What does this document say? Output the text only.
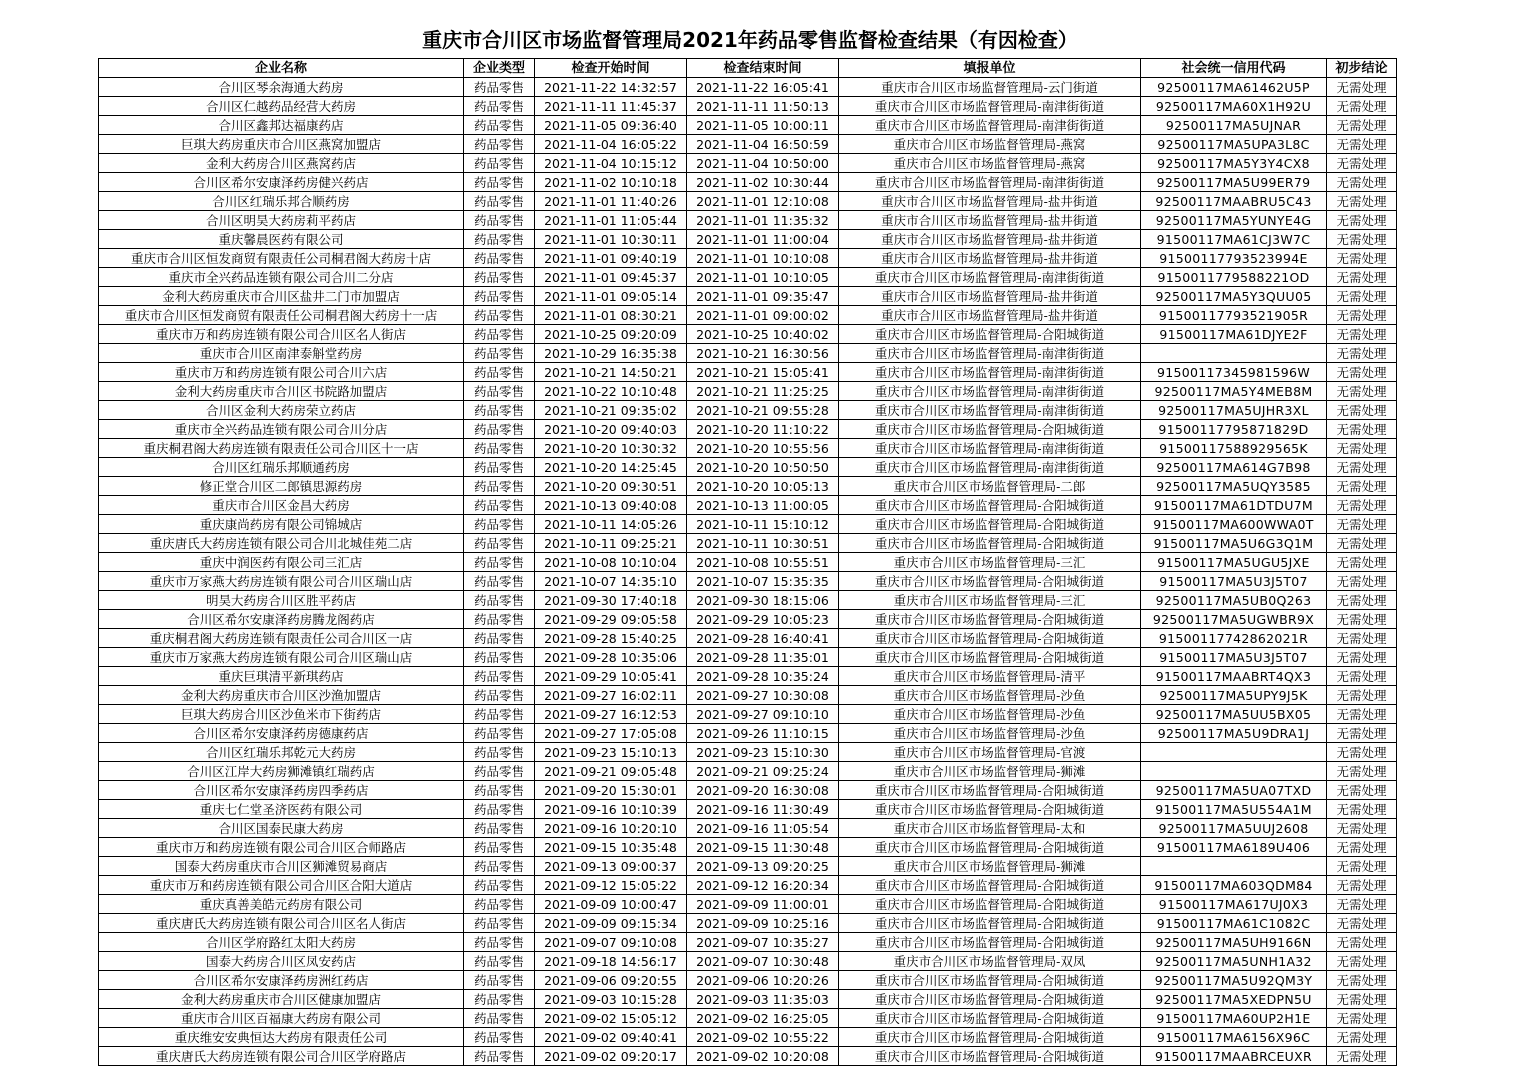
重庆市合川区市场监督管理局2021年药品零售监督检查结果（有因检查）
企业名称	企业类型	检查开始时间	检查结束时间	填报单位	社会统一信用代码	初步结论
合川区琴余海通大药房	药品零售	2021-11-22 14:32:57	2021-11-22 16:05:41	重庆市合川区市场监督管理局-云门街道	92500117MA61462U5P	无需处理
合川区仁越药品经营大药房	药品零售	2021-11-11 11:45:37	2021-11-11 11:50:13	重庆市合川区市场监督管理局-南津街街道	92500117MA60X1H92U	无需处理
合川区鑫邦达福康药店	药品零售	2021-11-05 09:36:40	2021-11-05 10:00:11	重庆市合川区市场监督管理局-南津街街道	92500117MA5UJNAR	无需处理
巨琪大药房重庆市合川区燕窝加盟店	药品零售	2021-11-04 16:05:22	2021-11-04 16:50:59	重庆市合川区市场监督管理局-燕窝	92500117MA5UPA3L8C	无需处理
金利大药房合川区燕窝药店	药品零售	2021-11-04 10:15:12	2021-11-04 10:50:00	重庆市合川区市场监督管理局-燕窝	92500117MA5Y3Y4CX8	无需处理
合川区希尔安康泽药房健兴药店	药品零售	2021-11-02 10:10:18	2021-11-02 10:30:44	重庆市合川区市场监督管理局-南津街街道	92500117MA5U99ER79	无需处理
合川区红瑞乐邦合顺药房	药品零售	2021-11-01 11:40:26	2021-11-01 12:10:08	重庆市合川区市场监督管理局-盐井街道	92500117MAABRU5C43	无需处理
合川区明昊大药房莉平药店	药品零售	2021-11-01 11:05:44	2021-11-01 11:35:32	重庆市合川区市场监督管理局-盐井街道	92500117MA5YUNYE4G	无需处理
重庆馨晨医药有限公司	药品零售	2021-11-01 10:30:11	2021-11-01 11:00:04	重庆市合川区市场监督管理局-盐井街道	91500117MA61CJ3W7C	无需处理
重庆市合川区恒发商贸有限责任公司桐君阁大药房十店	药品零售	2021-11-01 09:40:19	2021-11-01 10:10:08	重庆市合川区市场监督管理局-盐井街道	91500117793523994E	无需处理
重庆市全兴药品连锁有限公司合川二分店	药品零售	2021-11-01 09:45:37	2021-11-01 10:10:05	重庆市合川区市场监督管理局-南津街街道	9150011779588221OD	无需处理
金利大药房重庆市合川区盐井二门市加盟店	药品零售	2021-11-01 09:05:14	2021-11-01 09:35:47	重庆市合川区市场监督管理局-盐井街道	92500117MA5Y3QUU05	无需处理
重庆市合川区恒发商贸有限责任公司桐君阁大药房十一店	药品零售	2021-11-01 08:30:21	2021-11-01 09:00:02	重庆市合川区市场监督管理局-盐井街道	91500117793521905R	无需处理
重庆市万和药房连锁有限公司合川区名人街店	药品零售	2021-10-25 09:20:09	2021-10-25 10:40:02	重庆市合川区市场监督管理局-合阳城街道	91500117MA61DJYE2F	无需处理
重庆市合川区南津泰斛堂药房	药品零售	2021-10-29 16:35:38	2021-10-21 16:30:56	重庆市合川区市场监督管理局-南津街街道		无需处理
重庆市万和药房连锁有限公司合川六店	药品零售	2021-10-21 14:50:21	2021-10-21 15:05:41	重庆市合川区市场监督管理局-南津街街道	91500117345981596W	无需处理
金利大药房重庆市合川区书院路加盟店	药品零售	2021-10-22 10:10:48	2021-10-21 11:25:25	重庆市合川区市场监督管理局-南津街街道	92500117MA5Y4MEB8M	无需处理
合川区金利大药房荣立药店	药品零售	2021-10-21 09:35:02	2021-10-21 09:55:28	重庆市合川区市场监督管理局-南津街街道	92500117MA5UJHR3XL	无需处理
重庆市全兴药品连锁有限公司合川分店	药品零售	2021-10-20 09:40:03	2021-10-20 11:10:22	重庆市合川区市场监督管理局-合阳城街道	91500117795871829D	无需处理
重庆桐君阁大药房连锁有限责任公司合川区十一店	药品零售	2021-10-20 10:30:32	2021-10-20 10:55:56	重庆市合川区市场监督管理局-南津街街道	91500117588929565K	无需处理
合川区红瑞乐邦顺通药房	药品零售	2021-10-20 14:25:45	2021-10-20 10:50:50	重庆市合川区市场监督管理局-南津街街道	92500117MA614G7B98	无需处理
修正堂合川区二郎镇思源药房	药品零售	2021-10-20 09:30:51	2021-10-20 10:05:13	重庆市合川区市场监督管理局-二郎	92500117MA5UQY3585	无需处理
重庆市合川区金昌大药房	药品零售	2021-10-13 09:40:08	2021-10-13 11:00:05	重庆市合川区市场监督管理局-合阳城街道	91500117MA61DTDU7M	无需处理
重庆康尚药房有限公司锦城店	药品零售	2021-10-11 14:05:26	2021-10-11 15:10:12	重庆市合川区市场监督管理局-合阳城街道	91500117MA600WWA0T	无需处理
重庆唐氏大药房连锁有限公司合川北城佳苑二店	药品零售	2021-10-11 09:25:21	2021-10-11 10:30:51	重庆市合川区市场监督管理局-合阳城街道	91500117MA5U6G3Q1M	无需处理
重庆中润医药有限公司三汇店	药品零售	2021-10-08 10:10:04	2021-10-08 10:55:51	重庆市合川区市场监督管理局-三汇	91500117MA5UGU5JXE	无需处理
重庆市万家燕大药房连锁有限公司合川区瑞山店	药品零售	2021-10-07 14:35:10	2021-10-07 15:35:35	重庆市合川区市场监督管理局-合阳城街道	91500117MA5U3J5T07	无需处理
明昊大药房合川区胜平药店	药品零售	2021-09-30 17:40:18	2021-09-30 18:15:06	重庆市合川区市场监督管理局-三汇	92500117MA5UB0Q263	无需处理
合川区希尔安康泽药房腾龙阁药店	药品零售	2021-09-29 09:05:58	2021-09-29 10:05:23	重庆市合川区市场监督管理局-合阳城街道	92500117MA5UGWBR9X	无需处理
重庆桐君阁大药房连锁有限责任公司合川区一店	药品零售	2021-09-28 15:40:25	2021-09-28 16:40:41	重庆市合川区市场监督管理局-合阳城街道	91500117742862021R	无需处理
重庆市万家燕大药房连锁有限公司合川区瑞山店	药品零售	2021-09-28 10:35:06	2021-09-28 11:35:01	重庆市合川区市场监督管理局-合阳城街道	91500117MA5U3J5T07	无需处理
重庆巨琪清平新琪药店	药品零售	2021-09-29 10:05:41	2021-09-28 10:35:24	重庆市合川区市场监督管理局-清平	91500117MAABRT4QX3	无需处理
金利大药房重庆市合川区沙渔加盟店	药品零售	2021-09-27 16:02:11	2021-09-27 10:30:08	重庆市合川区市场监督管理局-沙鱼	92500117MA5UPY9J5K	无需处理
巨琪大药房合川区沙鱼米市下街药店	药品零售	2021-09-27 16:12:53	2021-09-27 09:10:10	重庆市合川区市场监督管理局-沙鱼	92500117MA5UU5BX05	无需处理
合川区希尔安康泽药房德康药店	药品零售	2021-09-27 17:05:08	2021-09-26 11:10:15	重庆市合川区市场监督管理局-沙鱼	92500117MA5U9DRA1J	无需处理
合川区红瑞乐邦乾元大药房	药品零售	2021-09-23 15:10:13	2021-09-23 15:10:30	重庆市合川区市场监督管理局-官渡		无需处理
合川区江岸大药房狮滩镇红瑞药店	药品零售	2021-09-21 09:05:48	2021-09-21 09:25:24	重庆市合川区市场监督管理局-狮滩		无需处理
合川区希尔安康泽药房四季药店	药品零售	2021-09-20 15:30:01	2021-09-20 16:30:08	重庆市合川区市场监督管理局-合阳城街道	92500117MA5UA07TXD	无需处理
重庆七仁堂圣济医药有限公司	药品零售	2021-09-16 10:10:39	2021-09-16 11:30:49	重庆市合川区市场监督管理局-合阳城街道	91500117MA5U554A1M	无需处理
合川区国泰民康大药房	药品零售	2021-09-16 10:20:10	2021-09-16 11:05:54	重庆市合川区市场监督管理局-太和	92500117MA5UUJ2608	无需处理
重庆市万和药房连锁有限公司合川区合师路店	药品零售	2021-09-15 10:35:48	2021-09-15 11:30:48	重庆市合川区市场监督管理局-合阳城街道	91500117MA6189U406	无需处理
国泰大药房重庆市合川区狮滩贸易商店	药品零售	2021-09-13 09:00:37	2021-09-13 09:20:25	重庆市合川区市场监督管理局-狮滩		无需处理
重庆市万和药房连锁有限公司合川区合阳大道店	药品零售	2021-09-12 15:05:22	2021-09-12 16:20:34	重庆市合川区市场监督管理局-合阳城街道	91500117MA603QDM84	无需处理
重庆真善美皓元药房有限公司	药品零售	2021-09-09 10:00:47	2021-09-09 11:00:01	重庆市合川区市场监督管理局-合阳城街道	91500117MA617UJ0X3	无需处理
重庆唐氏大药房连锁有限公司合川区名人街店	药品零售	2021-09-09 09:15:34	2021-09-09 10:25:16	重庆市合川区市场监督管理局-合阳城街道	91500117MA61C1082C	无需处理
合川区学府路红太阳大药房	药品零售	2021-09-07 09:10:08	2021-09-07 10:35:27	重庆市合川区市场监督管理局-合阳城街道	92500117MA5UH9166N	无需处理
国泰大药房合川区凤安药店	药品零售	2021-09-18 14:56:17	2021-09-07 10:30:48	重庆市合川区市场监督管理局-双凤	92500117MA5UNH1A32	无需处理
合川区希尔安康泽药房洲红药店	药品零售	2021-09-06 09:20:55	2021-09-06 10:20:26	重庆市合川区市场监督管理局-合阳城街道	92500117MA5U92QM3Y	无需处理
金利大药房重庆市合川区健康加盟店	药品零售	2021-09-03 10:15:28	2021-09-03 11:35:03	重庆市合川区市场监督管理局-合阳城街道	92500117MA5XEDPN5U	无需处理
重庆市合川区百福康大药房有限公司	药品零售	2021-09-02 15:05:12	2021-09-02 16:25:05	重庆市合川区市场监督管理局-合阳城街道	91500117MA60UP2H1E	无需处理
重庆维安安典恒达大药房有限责任公司	药品零售	2021-09-02 09:40:41	2021-09-02 10:55:22	重庆市合川区市场监督管理局-合阳城街道	91500117MA6156X96C	无需处理
重庆唐氏大药房连锁有限公司合川区学府路店	药品零售	2021-09-02 09:20:17	2021-09-02 10:20:08	重庆市合川区市场监督管理局-合阳城街道	91500117MAABRCEUXR	无需处理
